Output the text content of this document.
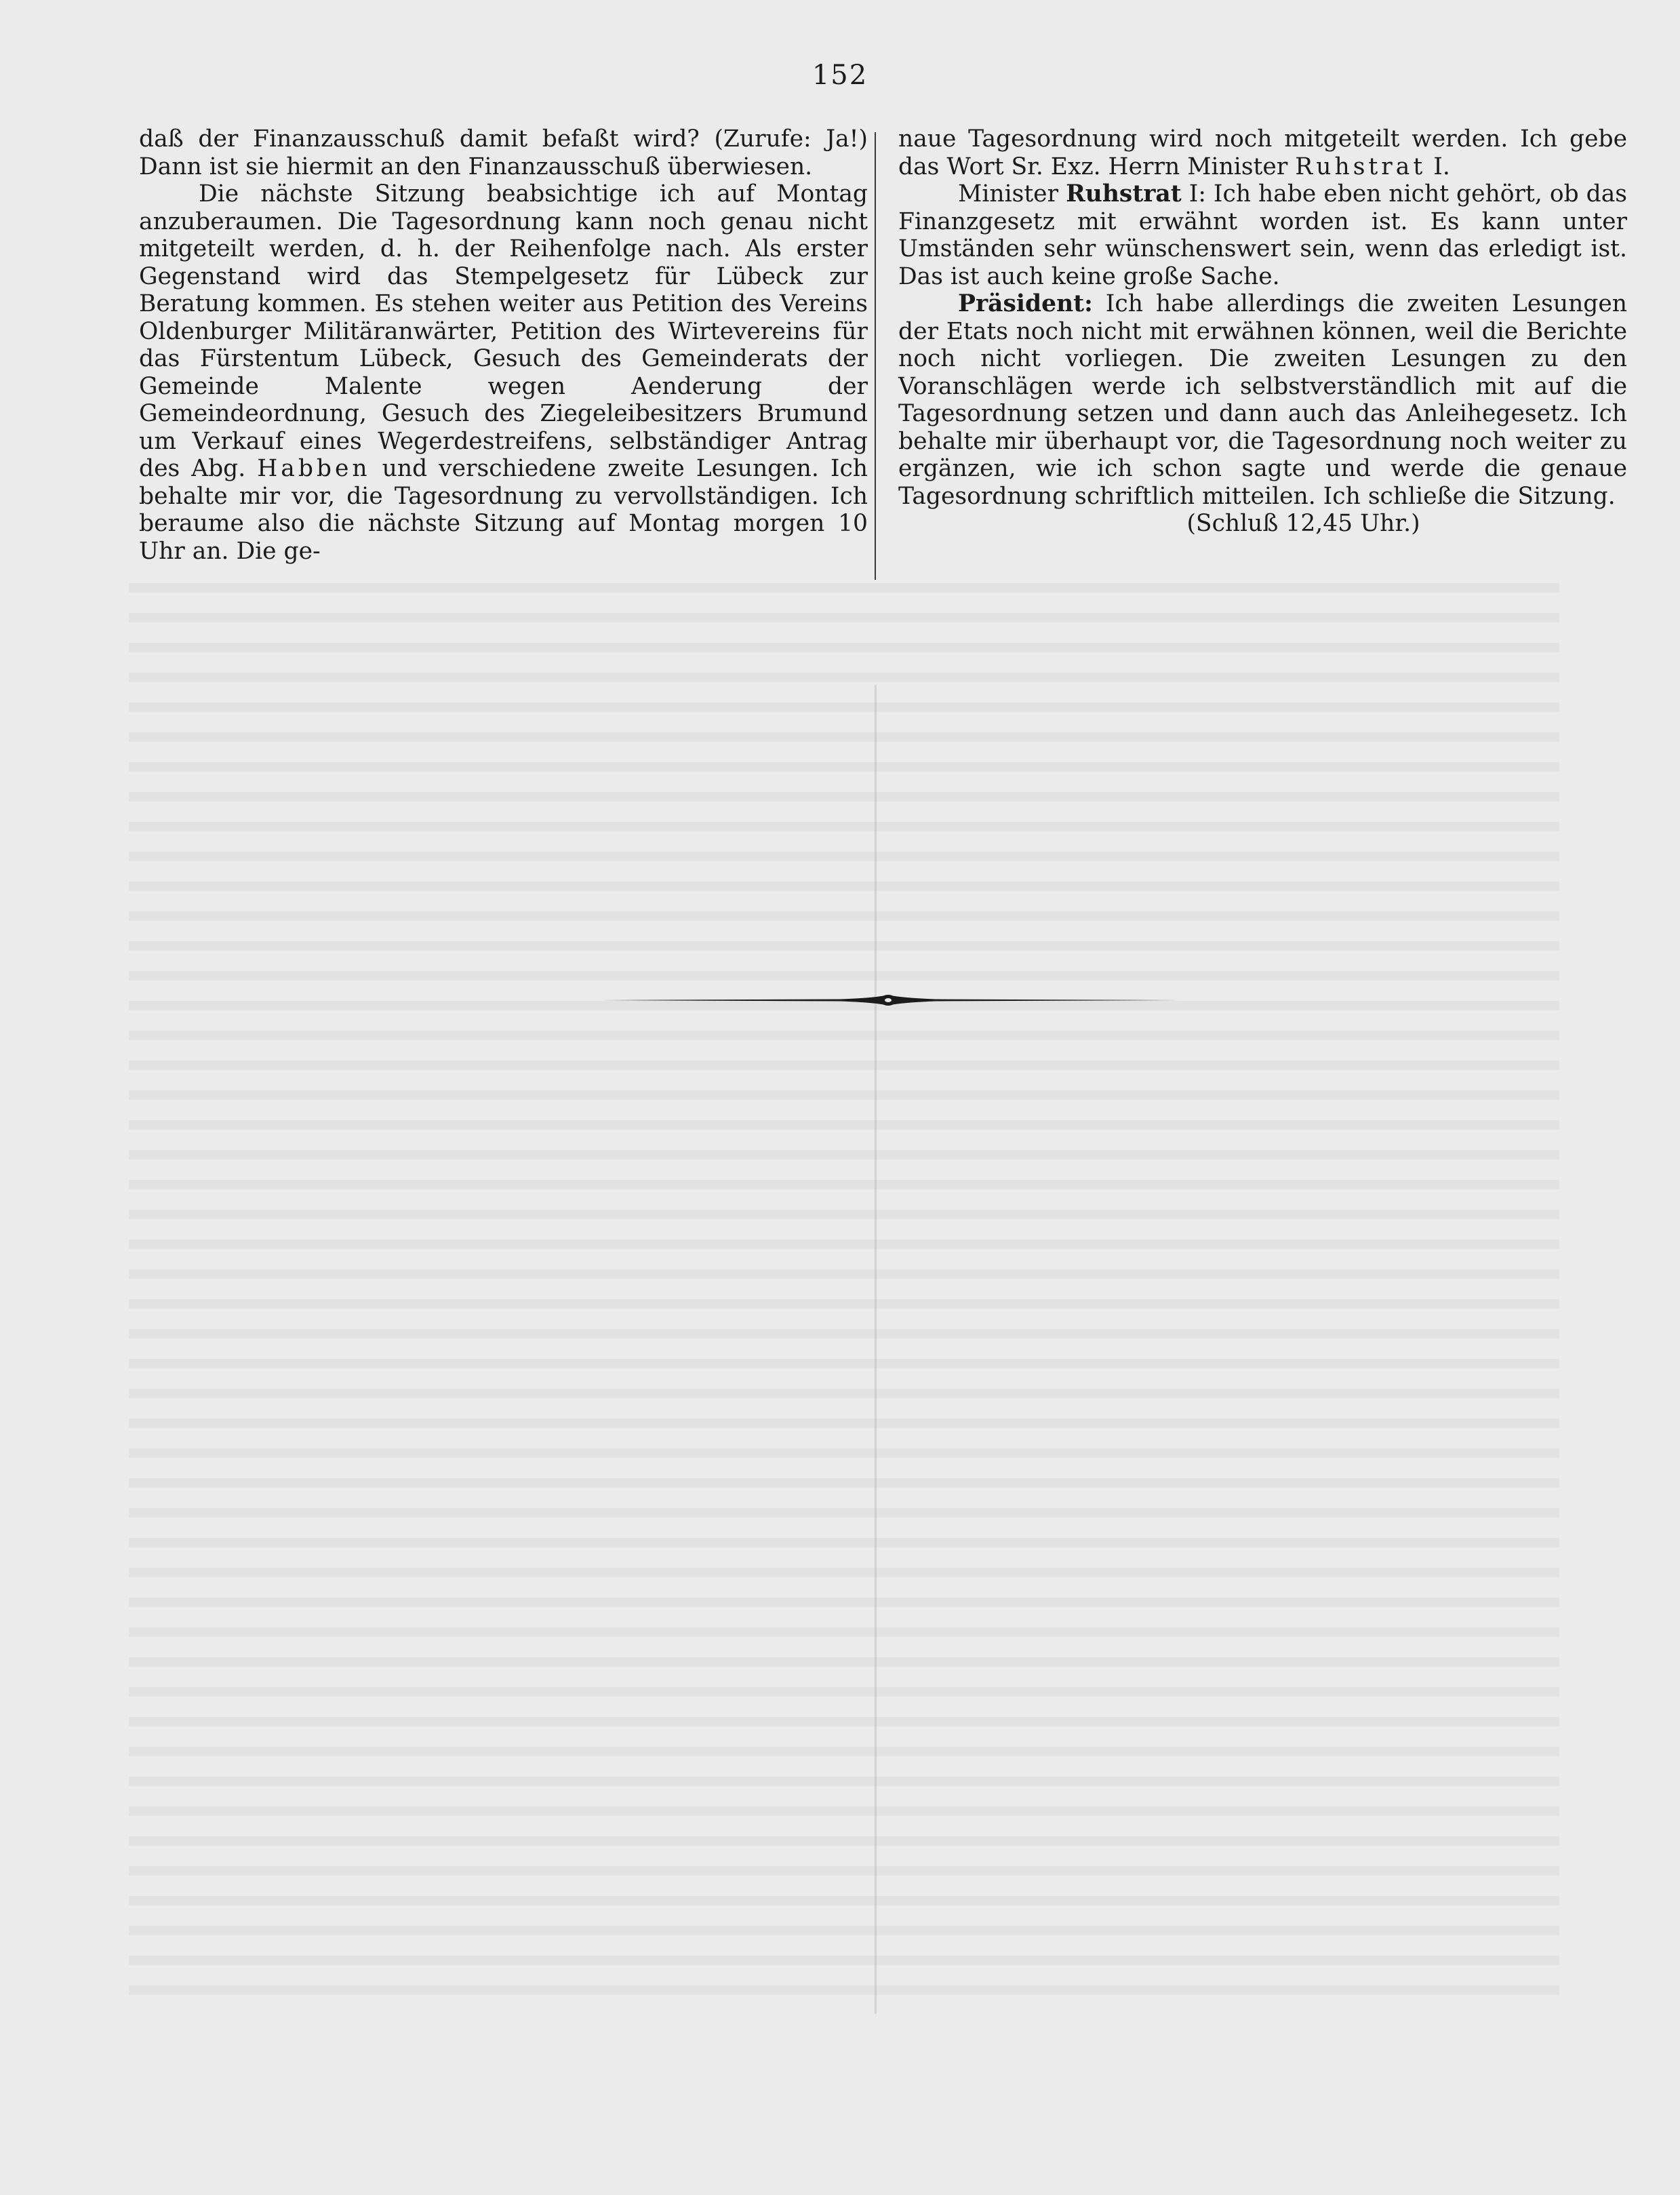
152

daß der Finanzausschuß damit befaßt wird? (Zurufe: Ja!) Dann ist sie hiermit an den Finanzausschuß überwiesen.

Die nächste Sitzung beabsichtige ich auf Montag anzuberaumen. Die Tagesordnung kann noch genau nicht mitgeteilt werden, d. h. der Reihenfolge nach. Als erster Gegenstand wird das Stempelgesetz für Lübeck zur Beratung kommen. Es stehen weiter aus Petition des Vereins Oldenburger Militäranwärter, Petition des Wirtevereins für das Fürstentum Lübeck, Gesuch des Gemeinderats der Gemeinde Malente wegen Aenderung der Gemeindeordnung, Gesuch des Ziegeleibesitzers Brumund um Verkauf eines Wegerdestreifens, selbständiger Antrag des Abg. Habben und verschiedene zweite Lesungen. Ich behalte mir vor, die Tagesordnung zu vervollständigen. Ich beraume also die nächste Sitzung auf Montag morgen 10 Uhr an. Die ge-

naue Tagesordnung wird noch mitgeteilt werden. Ich gebe das Wort Sr. Exz. Herrn Minister Ruhstrat I.

Minister Ruhstrat I: Ich habe eben nicht gehört, ob das Finanzgesetz mit erwähnt worden ist. Es kann unter Umständen sehr wünschenswert sein, wenn das erledigt ist. Das ist auch keine große Sache.

Präsident: Ich habe allerdings die zweiten Lesungen der Etats noch nicht mit erwähnen können, weil die Berichte noch nicht vorliegen. Die zweiten Lesungen zu den Voranschlägen werde ich selbstverständlich mit auf die Tagesordnung setzen und dann auch das Anleihegesetz. Ich behalte mir überhaupt vor, die Tagesordnung noch weiter zu ergänzen, wie ich schon sagte und werde die genaue Tagesordnung schriftlich mitteilen. Ich schließe die Sitzung.

(Schluß 12,45 Uhr.)
